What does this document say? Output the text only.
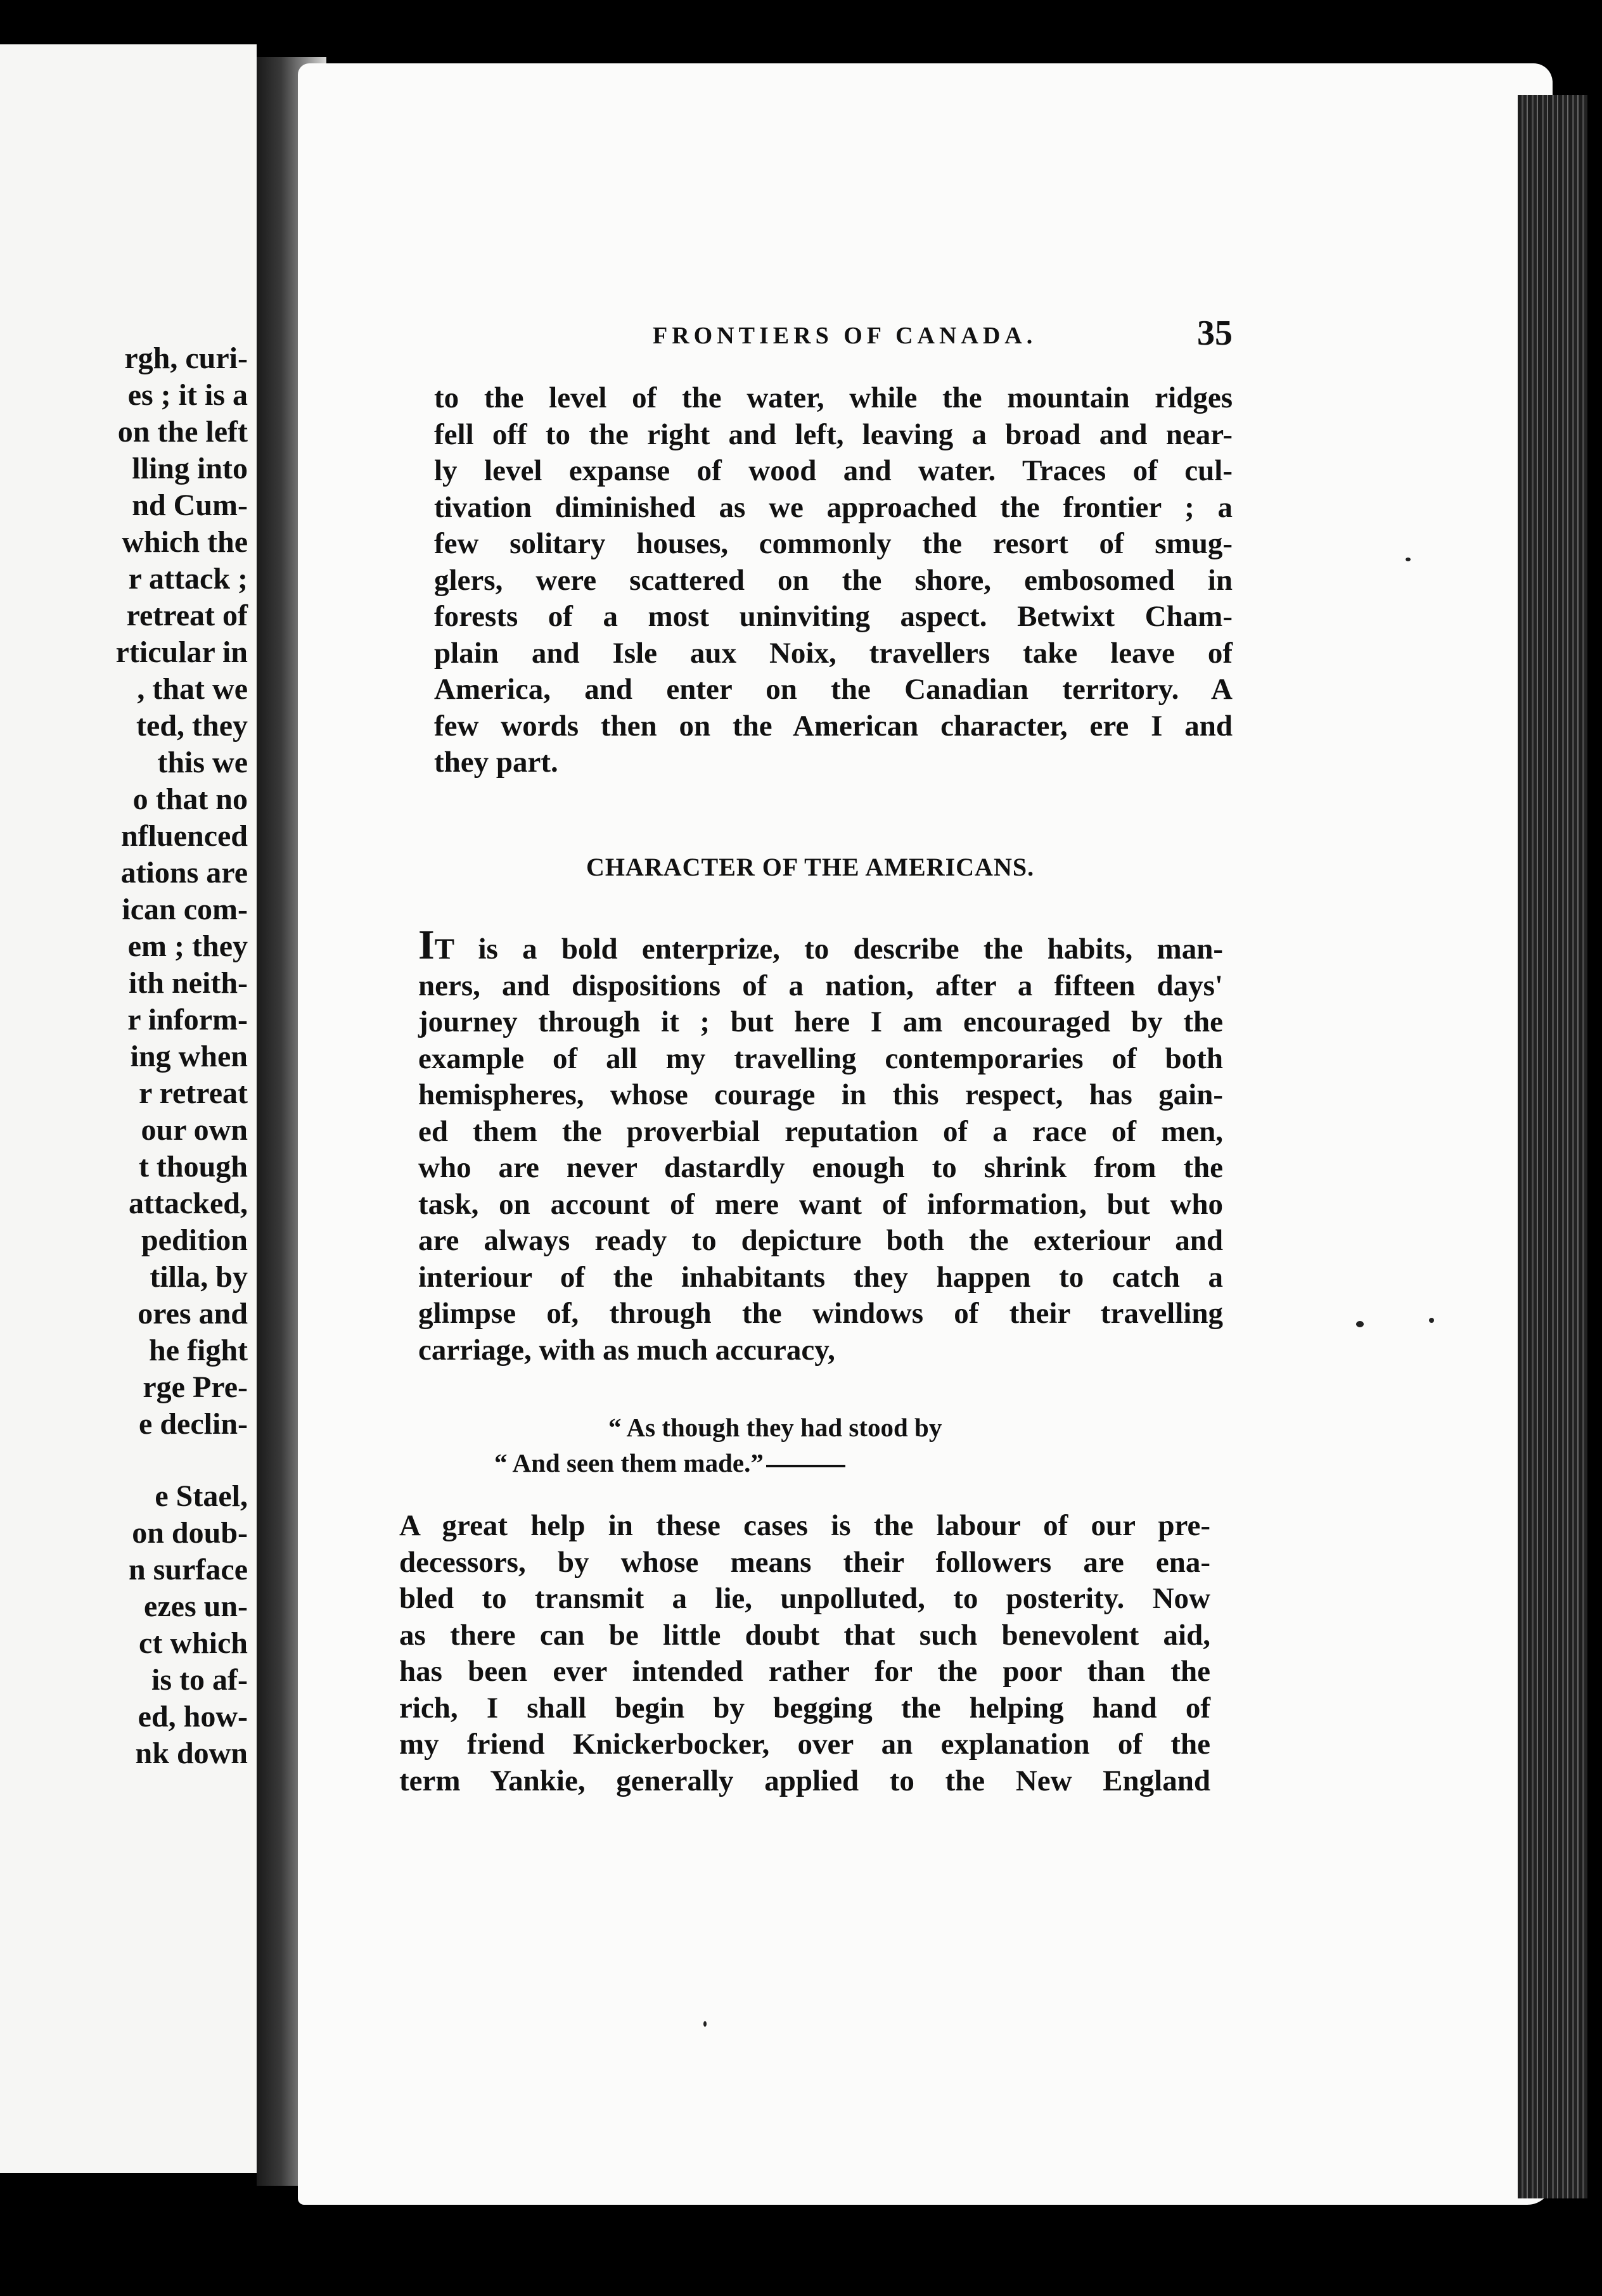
rgh, curi-
es ; it is a
on the left
lling into
nd Cum-
which the
r attack ;
retreat of
rticular in
, that we
ted, they
this we
o that no
nfluenced
ations are
ican com-
em ; they
ith neith-
r inform-
ing when
r retreat
our own
t though
attacked,
pedition
tilla, by
ores and
he fight
rge Pre-
e declin-
e Stael,
on doub-
n surface
ezes un-
ct which
is to af-
ed, how-
nk down
FRONTIERS OF CANADA.	35
to the level of the water, while the mountain ridges
fell off to the right and left, leaving a broad and near-
ly level expanse of wood and water. Traces of cul-
tivation diminished as we approached the frontier ; a
few solitary houses, commonly the resort of smug-
glers, were scattered on the shore, embosomed in
forests of a most uninviting aspect. Betwixt Cham-
plain and Isle aux Noix, travellers take leave of
America, and enter on the Canadian territory. A
few words then on the American character, ere I and
they part.
CHARACTER OF THE AMERICANS.
IT is a bold enterprize, to describe the habits, man-
ners, and dispositions of a nation, after a fifteen days'
journey through it ; but here I am encouraged by the
example of all my travelling contemporaries of both
hemispheres, whose courage in this respect, has gain-
ed them the proverbial reputation of a race of men,
who are never dastardly enough to shrink from the
task, on account of mere want of information, but who
are always ready to depicture both the exteriour and
interiour of the inhabitants they happen to catch a
glimpse of, through the windows of their travelling
carriage, with as much accuracy,
“ As though they had stood by
“ And seen them made.”
A great help in these cases is the labour of our pre-
decessors, by whose means their followers are ena-
bled to transmit a lie, unpolluted, to posterity. Now
as there can be little doubt that such benevolent aid,
has been ever intended rather for the poor than the
rich, I shall begin by begging the helping hand of
my friend Knickerbocker, over an explanation of the
term Yankie, generally applied to the New England
